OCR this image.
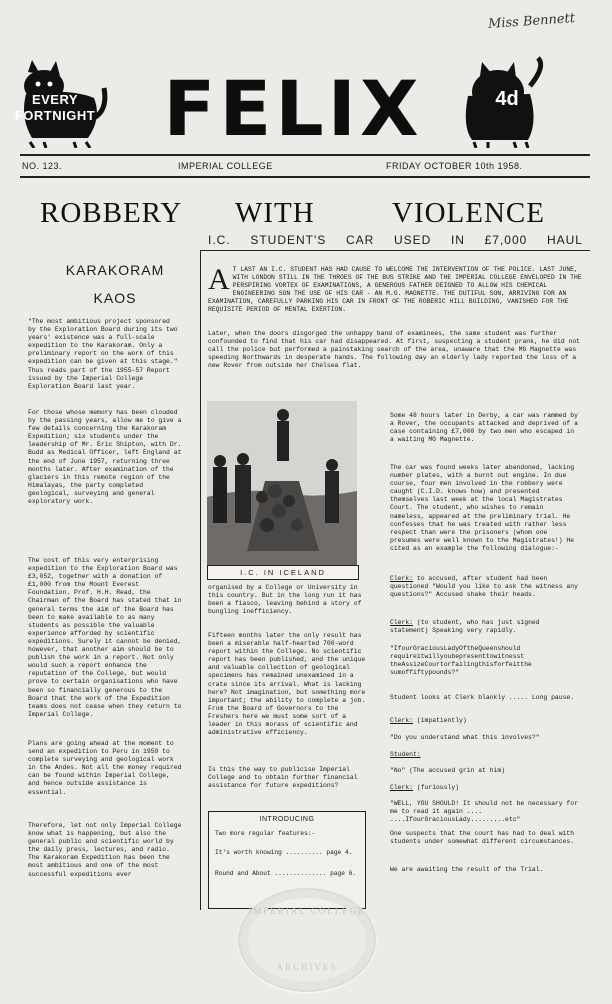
Miss Bennett
EVERY
FORTNIGHT FELIX	4d
NO. 123.	IMPERIAL COLLEGE	FRIDAY OCTOBER 10th 1958.
ROBBERY WITH	VIOLENCE
I.C. STUDENT'S CAR USED IN £7,000 HAUL
KARAKORAM
KAOS
"The most ambitious project sponsored by the Exploration Board during its two years' existence was a full-scale expedition to the Karakoram. Only a preliminary report on the work of this expedition can be given at this stage."
Thus reads part of the 1955-57 Report issued by the Imperial College Exploration Board last year.
For those whose memory has been clouded by the passing years, allow me to give a few details concerning the Karakoram Expedition; six students under the leadership of Mr. Eric Shipton, with Dr. Budd as Medical Officer, left England at the end of June 1957, returning three months later. After examination of the glaciers in this remote region of the Himalayas, the party completed geological, surveying and general exploratory work.
The cost of this very enterprising expedition to the Exploration Board was £3,052, together with a donation of £1,000 from the Mount Everest Foundation. Prof. H.H. Read, the Chairman of the Board has stated that in general terms the aim of the Board has been to make available to as many students as possible the valuable experience afforded by scientific expeditions. Surely it cannot be denied, however, that another aim should be to publish the work in a report. Not only would such a report enhance the reputation of the College, but would prove to certain organisations who have been so financially generous to the Board that the work of the Expedition teams does not cease when they return to Imperial College.
Plans are going ahead at the moment to send an expedition to Peru in 1959 to complete surveying and geological work in the Andes. Not all the money required can be found within Imperial College, and hence outside assistance is essential.
Therefore, let not only Imperial College know what is happening, but also the general public and scientific world by the daily press, lectures, and radio. The Karakoram Expedition has been the most ambitious and one of the most successful expeditions ever
A T LAST AN I.C. STUDENT HAS HAD CAUSE TO WELCOME THE INTERVENTION OF THE POLICE. LAST JUNE, WITH LONDON STILL IN THE THROES OF THE BUS STRIKE AND THE IMPERIAL COLLEGE ENVELOPED IN THE PERSPIRING VORTEX OF EXAMINATIONS, A GENEROUS FATHER DEIGNED TO ALLOW HIS CHEMICAL ENGINEERING SON THE USE OF HIS CAR - AN M.G. MAGNETTE. THE DUTIFUL SON, ARRIVING FOR AN EXAMINATION, CAREFULLY PARKING HIS CAR IN FRONT OF THE ROBERIC HILL BUILDING, VANISHED FOR THE REQUISITE PERIOD OF MENTAL EXERTION.
Later, when the doors disgorged the unhappy band of examinees, the same student was further confounded to find that his car had disappeared. At first, suspecting a student prank, he did not call the police but performed a painstaking search of the area, unaware that the MG Magnette was speeding Northwards in desperate hands. The following day an elderly lady reported the loss of a new Rover from outside her Chelsea flat.
I.C. IN ICELAND
organised by a College or University in this country. But in the long run it has been a fiasco, leaving behind a story of bungling inefficiency.
Fifteen months later the only result has been a miserable half-hearted 700-word report within the College. No scientific report has been published, and the unique and valuable collection of geological specimens has remained unexamined in a crate since its arrival. What is lacking here? Not imagination, but something more important; the ability to complete a job. From the Board of Governors to the Freshers here we must some sort of a leader in this morass of scientific and administrative efficiency.
Is this the way to publicise Imperial College and to obtain further financial assistance for future expeditions?
Some 48 hours later in Derby, a car was rammed by a Rover, the occupants attacked and deprived of a case containing £7,000 by two men who escaped in a waiting MG Magnette.
The car was found weeks later abandoned, lacking number plates, with a burnt out engine. In due course, four men involved in the robbery were caught (C.I.D. knows how) and presented themselves last week at the local Magistrates Court. The student, who wishes to remain nameless, appeared at the preliminary trial. He confesses that he was treated with rather less respect than were the prisoners (whom one presumes were well known to the Magistrates!) He cited as an example the following dialogue:-
Clerk: to accused, after student had been questioned "Would you like to ask the witness any questions?" Accused shake their heads.
Clerk: (to student, who has just signed statement) Speaking very rapidly.
"IfourGraciousLadyOftheQueenshould requireitwillyoubepresenttowitnesst theAssizeCourtorfailingthisforfeitthe sumoffiftypounds?"
Student looks at Clerk blankly ..... Long pause.
Clerk: (impatiently)
"Do you understand what this involves?"
Student:
"No" (The accused grin at him)
Clerk: (furiously)
"WELL, YOU SHOULD! It should not be necessary for me to read it again .... ....IfourGraciousLady.........etc"
One suspects that the court has had to deal with students under somewhat different circumstances.
We are awaiting the result of the Trial.
INTRODUCING
Two more regular features:-
It's worth knowing .......... page 4.
Round and About .............. page 6.
IMPERIAL COLLEGE
ARCHIVES
